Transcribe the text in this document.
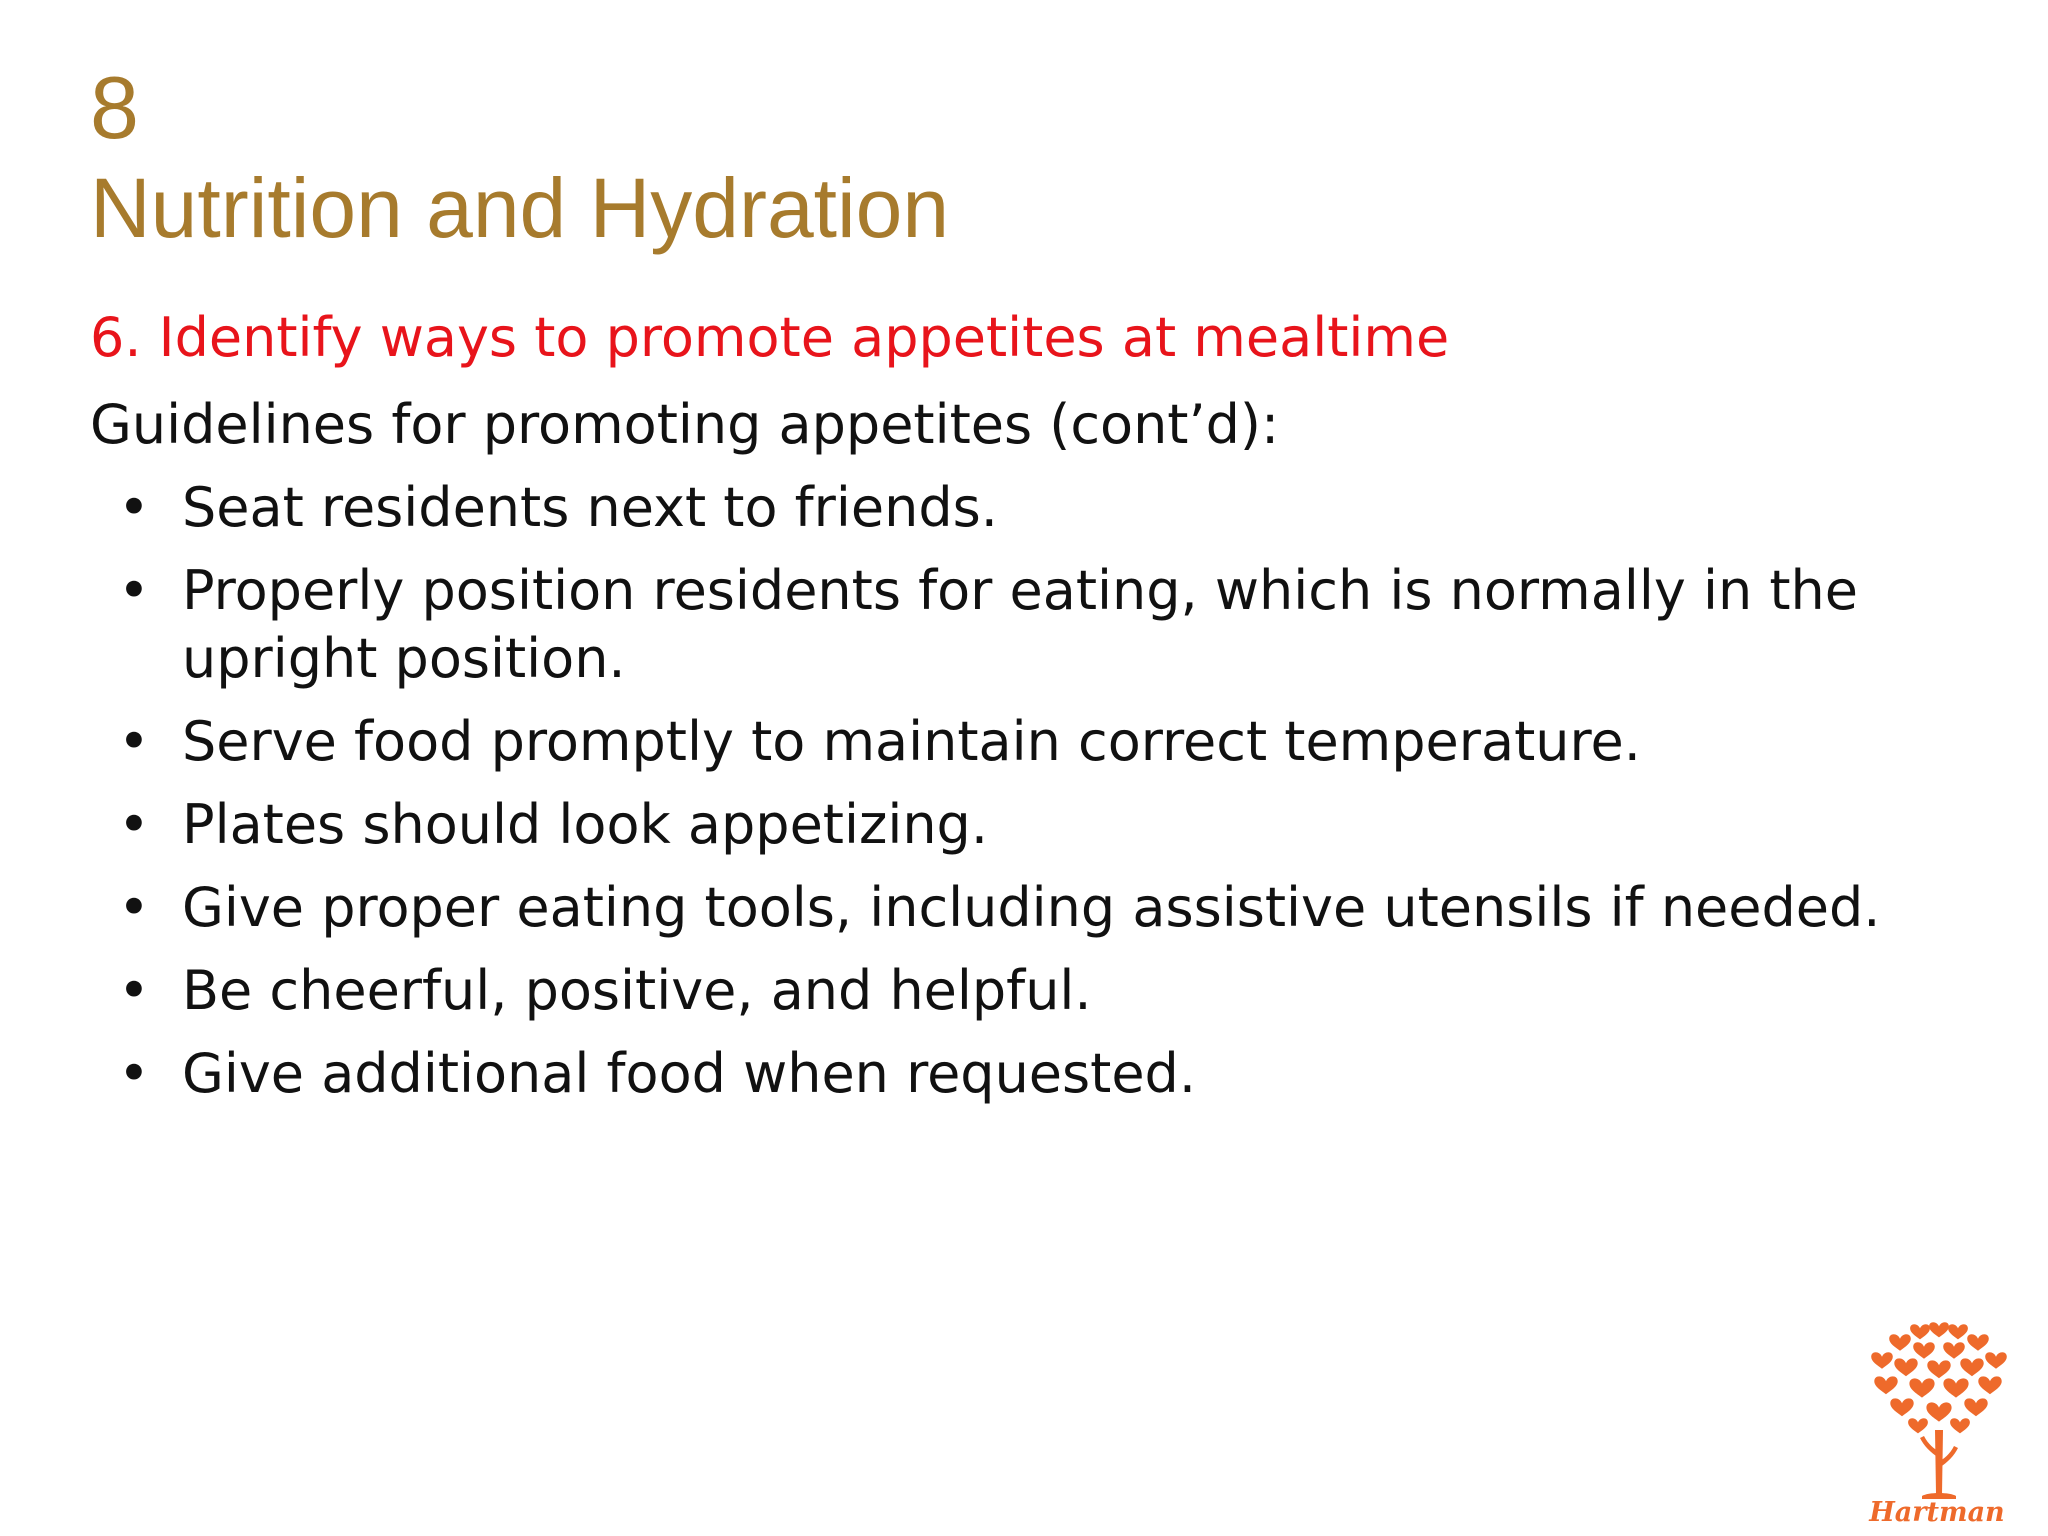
8
Nutrition and Hydration
6. Identify ways to promote appetites at mealtime
Guidelines for promoting appetites (cont’d):
• Seat residents next to friends.
• Properly position residents for eating, which is normally in the upright position.
• Serve food promptly to maintain correct temperature.
• Plates should look appetizing.
• Give proper eating tools, including assistive utensils if needed.
• Be cheerful, positive, and helpful.
• Give additional food when requested.
Hartman
